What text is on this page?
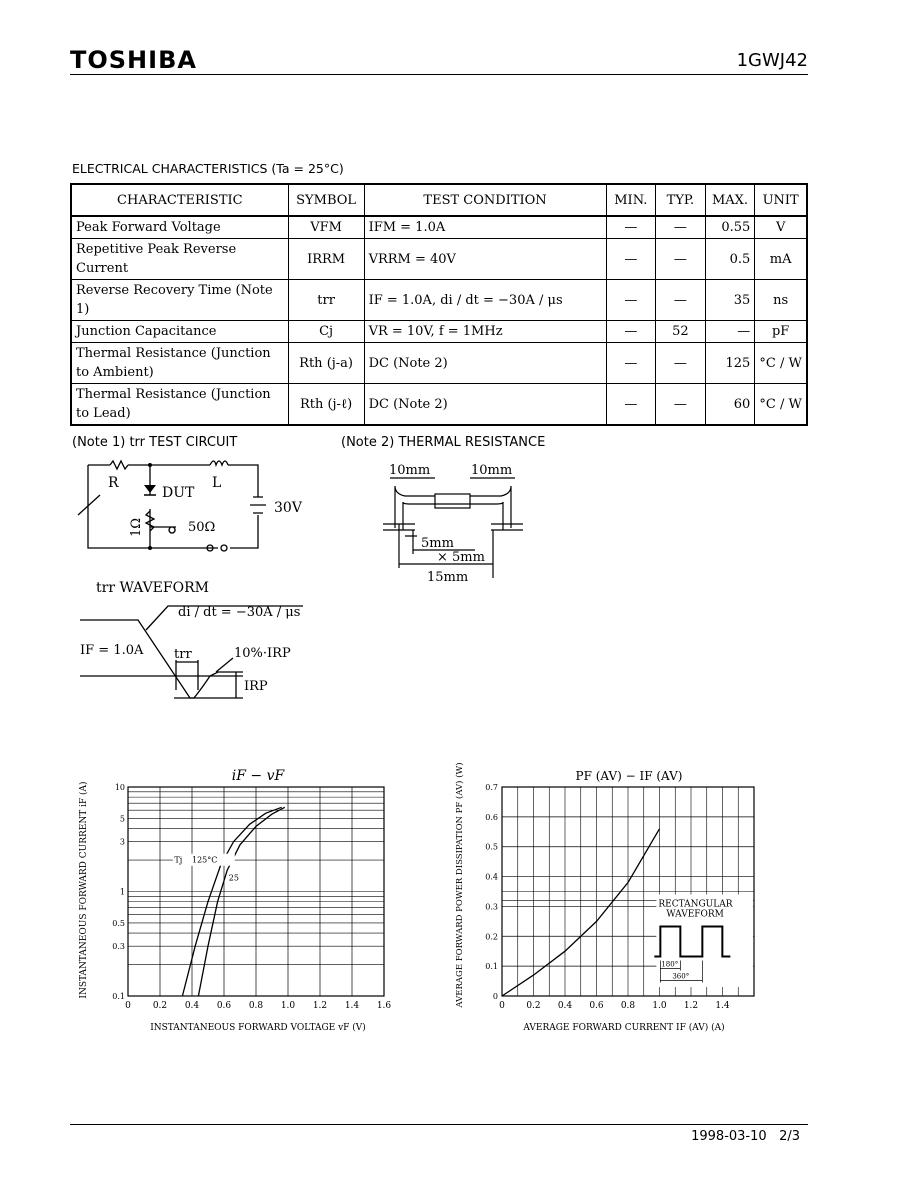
TOSHIBA	1GWJ42
ELECTRICAL CHARACTERISTICS (Ta = 25°C)
CHARACTERISTIC	SYMBOL	TEST CONDITION	MIN.	TYP.	MAX.	UNIT
Peak Forward Voltage	VFM	IFM = 1.0A	—	—	0.55	V
Repetitive Peak Reverse Current	IRRM	VRRM = 40V	—	—	0.5	mA
Reverse Recovery Time (Note 1)	trr	IF = 1.0A, di / dt = −30A / μs	—	—	35	ns
Junction Capacitance	Cj	VR = 10V, f = 1MHz	—	52	—	pF
Thermal Resistance (Junction to Ambient)	Rth (j-a)	DC (Note 2)	—	—	125	°C / W
Thermal Resistance (Junction to Lead)	Rth (j-ℓ)	DC (Note 2)	—	—	60	°C / W
(Note 1) trr TEST CIRCUIT
R	L
DUT
30V
1Ω	50Ω
trr WAVEFORM
di / dt = −30A / μs
IF = 1.0A trr	10%·IRP
IRP
(Note 2) THERMAL RESISTANCE
10mm	10mm
5mm
× 5mm
15mm
iF − vF
0 0.2 0.4 0.6 0.8 1.0 1.2 1.4 1.6
0.1
0.3
0.5
1
3
5
10
Tj 125°C
25
INSTANTANEOUS FORWARD VOLTAGE vF (V)
INSTANTANEOUS FORWARD CURRENT iF (A)
PF (AV) − IF (AV)
0 0.2 0.4 0.6 0.8 1.0 1.2 1.4
0
0.1
0.2
0.3
0.4
0.5
0.6
0.7
RECTANGULAR
WAVEFORM
180°
360°
AVERAGE FORWARD CURRENT IF (AV) (A)
AVERAGE FORWARD POWER DISSIPATION PF (AV) (W)
1998-03-10 2/3
